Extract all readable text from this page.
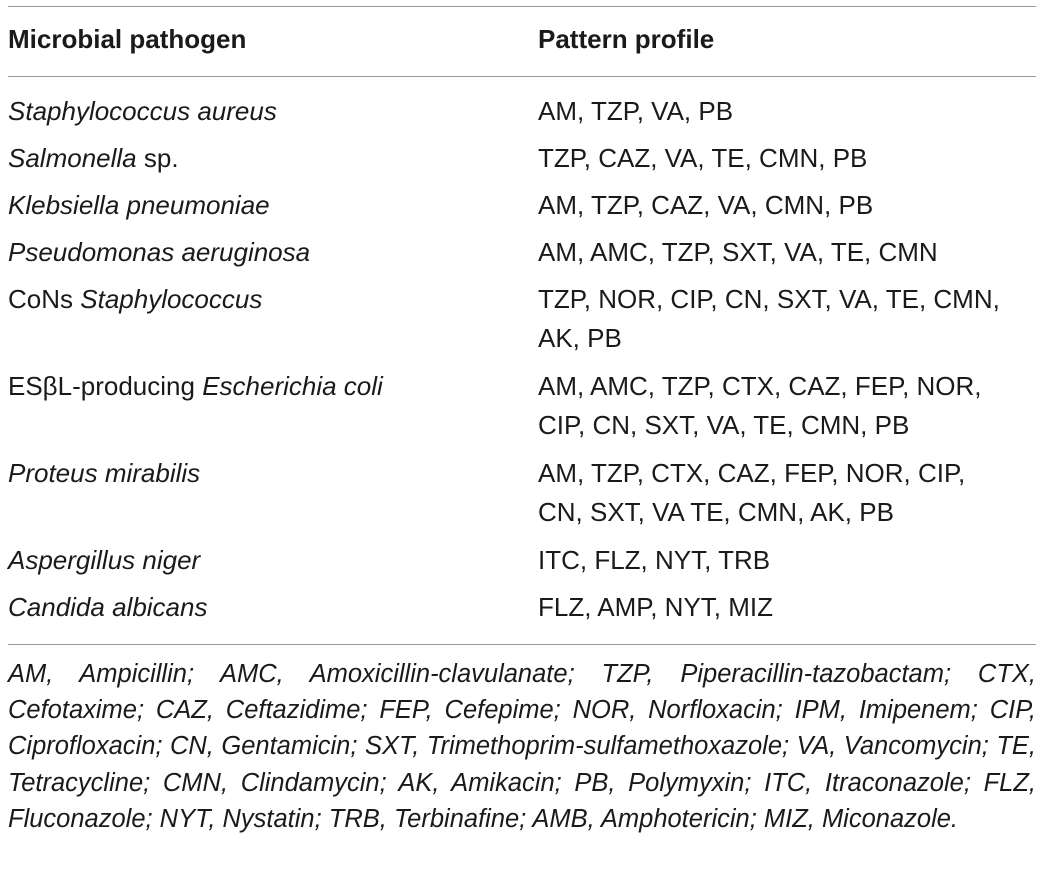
Microbial pathogen	Pattern profile
Staphylococcus aureus	AM, TZP, VA, PB
Salmonella sp.	TZP, CAZ, VA, TE, CMN, PB
Klebsiella pneumoniae	AM, TZP, CAZ, VA, CMN, PB
Pseudomonas aeruginosa	AM, AMC, TZP, SXT, VA, TE, CMN
CoNs Staphylococcus	TZP, NOR, CIP, CN, SXT, VA, TE, CMN,
AK, PB
ESβL-producing Escherichia coli	AM, AMC, TZP, CTX, CAZ, FEP, NOR,
CIP, CN, SXT, VA, TE, CMN, PB
Proteus mirabilis	AM, TZP, CTX, CAZ, FEP, NOR, CIP,
CN, SXT, VA TE, CMN, AK, PB
Aspergillus niger	ITC, FLZ, NYT, TRB
Candida albicans	FLZ, AMP, NYT, MIZ
AM, Ampicillin; AMC, Amoxicillin-clavulanate; TZP, Piperacillin-tazobactam; CTX, Cefotaxime; CAZ, Ceftazidime; FEP, Cefepime; NOR, Norfloxacin; IPM, Imipenem; CIP, Ciprofloxacin; CN, Gentamicin; SXT, Trimethoprim-sulfamethoxazole; VA, Vancomycin; TE, Tetracycline; CMN, Clindamycin; AK, Amikacin; PB, Polymyxin; ITC, Itraconazole; FLZ, Fluconazole; NYT, Nystatin; TRB, Terbinafine; AMB, Amphotericin; MIZ, Miconazole.
